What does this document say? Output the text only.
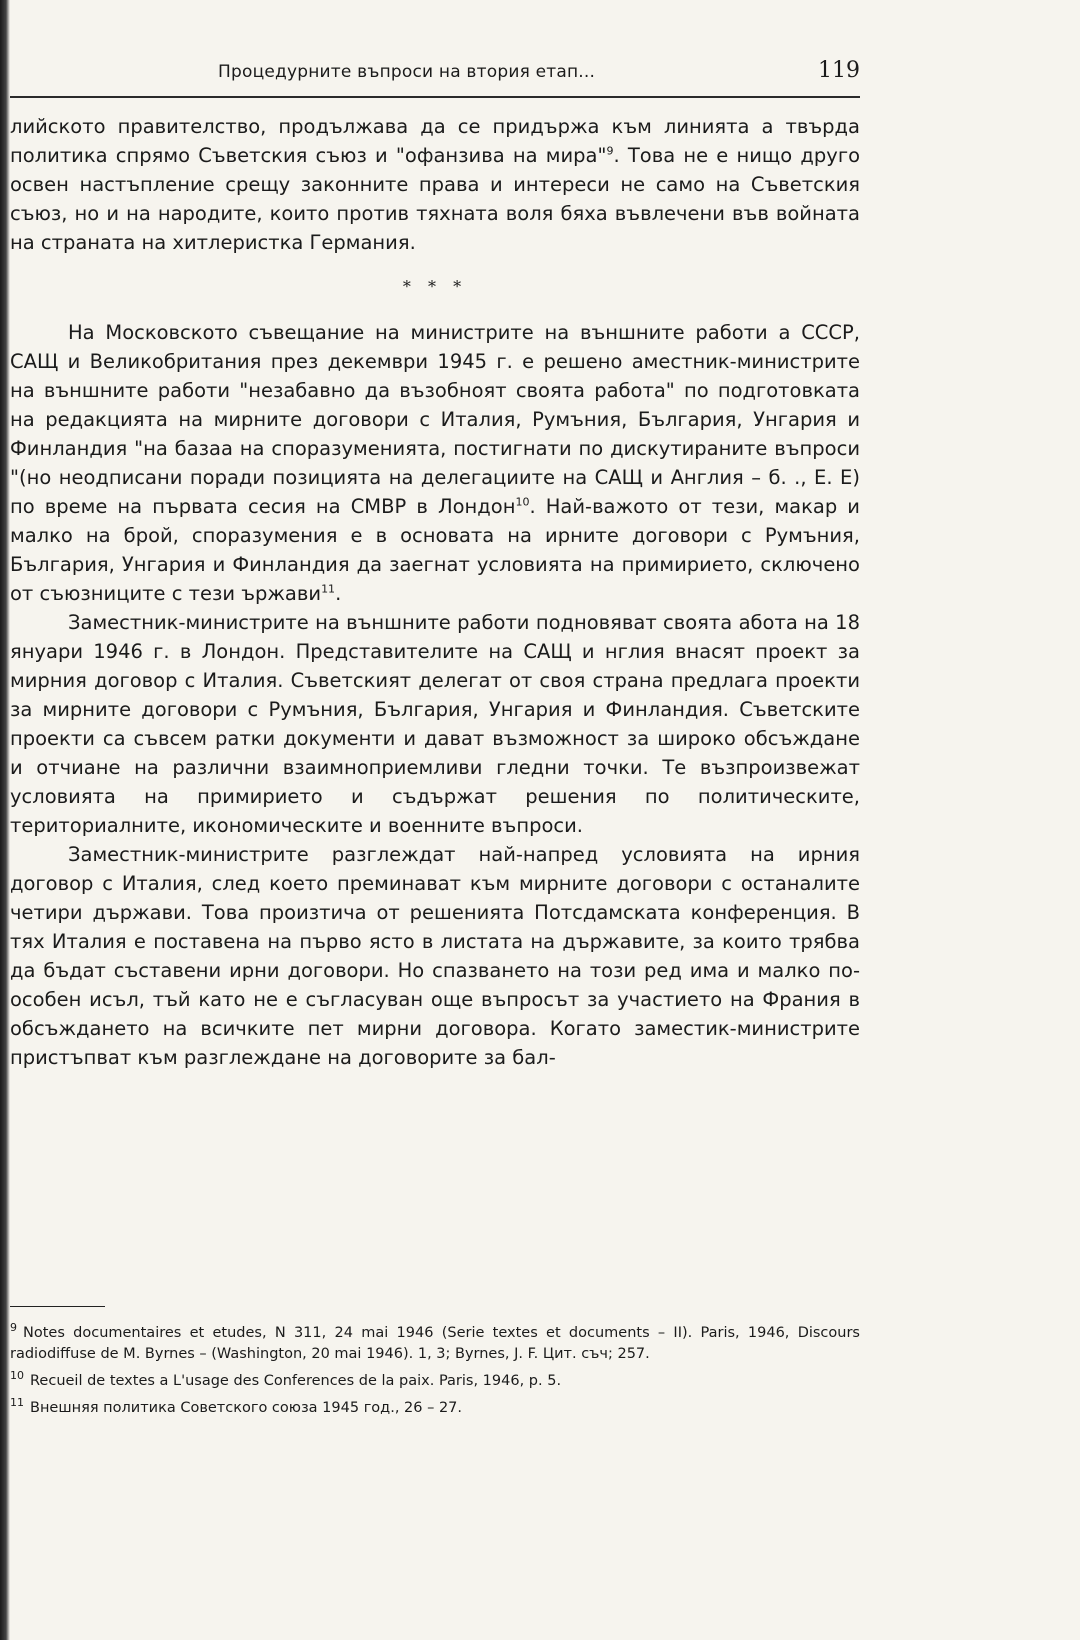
Процедурните въпроси на втория етап...	119

лийското правителство, продължава да се придържа към линията а твърда политика спрямо Съветския съюз и "офанзива на мира"$^9$. Това не е нищо друго освен настъпление срещу законните права и интереси не само на Съветския съюз, но и на народите, които против тяхната воля бяха въвлечени във войната на страната на хитлеристка Германия.

* * *

На Московското съвещание на министрите на външните работи а СССР, САЩ и Великобритания през декември 1945 г. е решено аместник-министрите на външните работи "незабавно да възобноят своята работа" по подготовката на редакцията на мирните договори с Италия, Румъния, България, Унгария и Финландия "на базаа на споразуменията, постигнати по дискутираните въпроси "(но неодписани поради позицията на делегациите на САЩ и Англия – б. ., Е. Е) по време на първата сесия на СМВР в Лондон$^{10}$. Най-важото от тези, макар и малко на брой, споразумения е в основата на ирните договори с Румъния, България, Унгария и Финландия да заегнат условията на примирието, сключено от съюзниците с тези ържави$^{11}$.

Заместник-министрите на външните работи подновяват своята абота на 18 януари 1946 г. в Лондон. Представителите на САЩ и нглия внасят проект за мирния договор с Италия. Съветският делегат от своя страна предлага проекти за мирните договори с Румъния, България, Унгария и Финландия. Съветските проекти са съвсем ратки документи и дават възможност за широко обсъждане и отчиане на различни взаимноприемливи гледни точки. Те възпроизвежат условията на примирието и съдържат решения по политическите, териториалните, икономическите и военните въпроси.

Заместник-министрите разглеждат най-напред условията на ирния договор с Италия, след което преминават към мирните договори с останалите четири държави. Това произтича от решенията Потсдамската конференция. В тях Италия е поставена на първо ясто в листата на държавите, за които трябва да бъдат съставени ирни договори. Но спазването на този ред има и малко по-особен исъл, тъй като не е съгласуван още въпросът за участието на Франия в обсъждането на всичките пет мирни договора. Когато заместик-министрите пристъпват към разглеждане на договорите за бал-

$^9$ Notes documentaires et etudes, N 311, 24 mai 1946 (Serie textes et documents – II). Paris, 1946, Discours radiodiffuse de M. Byrnes – (Washington, 20 mai 1946). 1, 3; Byrnes, J. F. Цит. съч; 257.

$^{10}$ Recueil de textes a L'usage des Conferences de la paix. Paris, 1946, p. 5.

$^{11}$ Внешняя политика Советского союза 1945 год., 26 – 27.
